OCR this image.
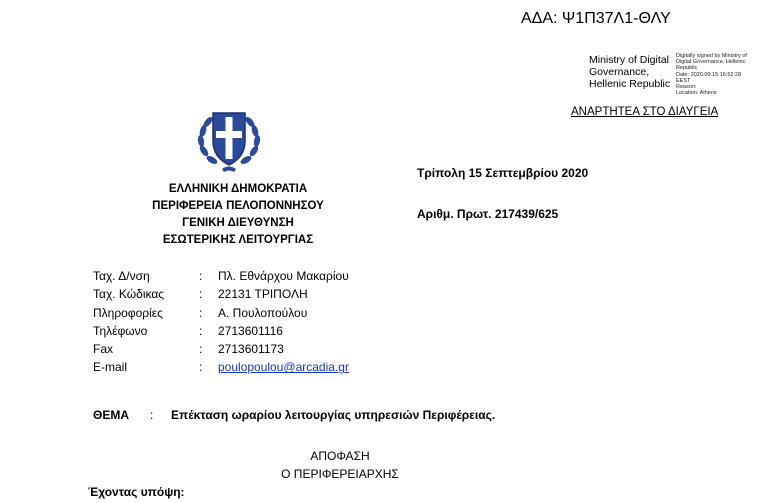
ΑΔΑ: Ψ1Π37Λ1-ΘΛΥ
Ministry of Digital
Governance,
Hellenic Republic
Digitally signed by Ministry of
Digital Governance, Hellenic
Republic
Date: 2020.09.15 16:52:28
EEST
Reason:
Location: Athens
ΑΝΑΡΤΗΤΕΑ ΣΤΟ ΔΙΑΥΓΕΙΑ
ΕΛΛΗΝΙΚΗ ΔΗΜΟΚΡΑΤΙΑ
ΠΕΡΙΦΕΡΕΙΑ ΠΕΛΟΠΟΝΝΗΣΟΥ
ΓΕΝΙΚΗ ΔΙΕΥΘΥΝΣΗ
ΕΣΩΤΕΡΙΚΗΣ ΛΕΙΤΟΥΡΓΙΑΣ
Τρίπολη 15 Σεπτεμβρίου 2020
Αριθμ. Πρωτ. 217439/625
Ταχ. Δ/νση	: Πλ. Εθνάρχου Μακαρίου
Ταχ. Κώδικας	: 22131 ΤΡΙΠΟΛΗ
Πληροφορίες	: Α. Πουλοπούλου
Τηλέφωνο	: 2713601116
Fax	: 2713601173
E-mail	: poulopoulou@arcadia.gr
ΘΕΜΑ : Επέκταση ωραρίου λειτουργίας υπηρεσιών Περιφέρειας.
ΑΠΟΦΑΣΗ
Ο ΠΕΡΙΦΕΡΕΙΑΡΧΗΣ
Έχοντας υπόψη:
